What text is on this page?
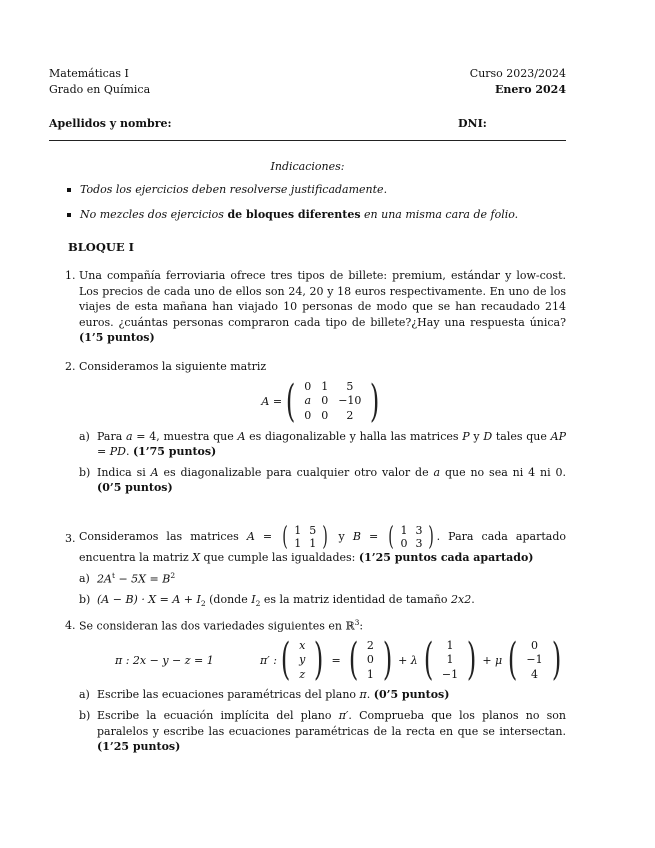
Matemáticas I
Grado en Química
Curso 2023/2024
Enero 2024
Apellidos y nombre:	DNI:
Indicaciones:
Todos los ejercicios deben resolverse justificadamente.
No mezcles dos ejercicios de bloques diferentes en una misma cara de folio.
BLOQUE I
1. Una compañía ferroviaria ofrece tres tipos de billete: premium, estándar y low-cost. Los precios de cada uno de ellos son 24, 20 y 18 euros respectivamente. En uno de los viajes de esta mañana han viajado 10 personas de modo que se han recaudado 214 euros. ¿cuántas personas compraron cada tipo de billete?¿Hay una respuesta única? (1’5 puntos)
2. Consideramos la siguiente matriz
A = ( 0	1	5
a	0	−10
0	0	2 )
a) Para a = 4, muestra que A es diagonalizable y halla las matrices P y D tales que AP = PD. (1’75 puntos)
b) Indica si A es diagonalizable para cualquier otro valor de a que no sea ni 4 ni 0. (0’5 puntos)
3. Consideramos las matrices A = ( 1	5
1	1 ) y B = ( 1	3
0	3 ) . Para cada apartado encuentra la matriz X que cumple las igualdades: (1’25 puntos cada apartado)
a) $2A^t - 5X = B^2$
b) $(A - B) \cdot X = A + I_2$ (donde $I_2$ es la matriz identidad de tamaño 2x2.
4. Se consideran las dos variedades siguientes en ℝ$^3$:
π : 2x − y − z = 1	π′ : ( x
y
z ) = ( 2
0
1 ) + λ ( 1
1
−1 ) + μ ( 0
−1
4 )
a) Escribe las ecuaciones paramétricas del plano π. (0’5 puntos)
b) Escribe la ecuación implícita del plano π′. Comprueba que los planos no son paralelos y escribe las ecuaciones paramétricas de la recta en que se intersectan. (1’25 puntos)
